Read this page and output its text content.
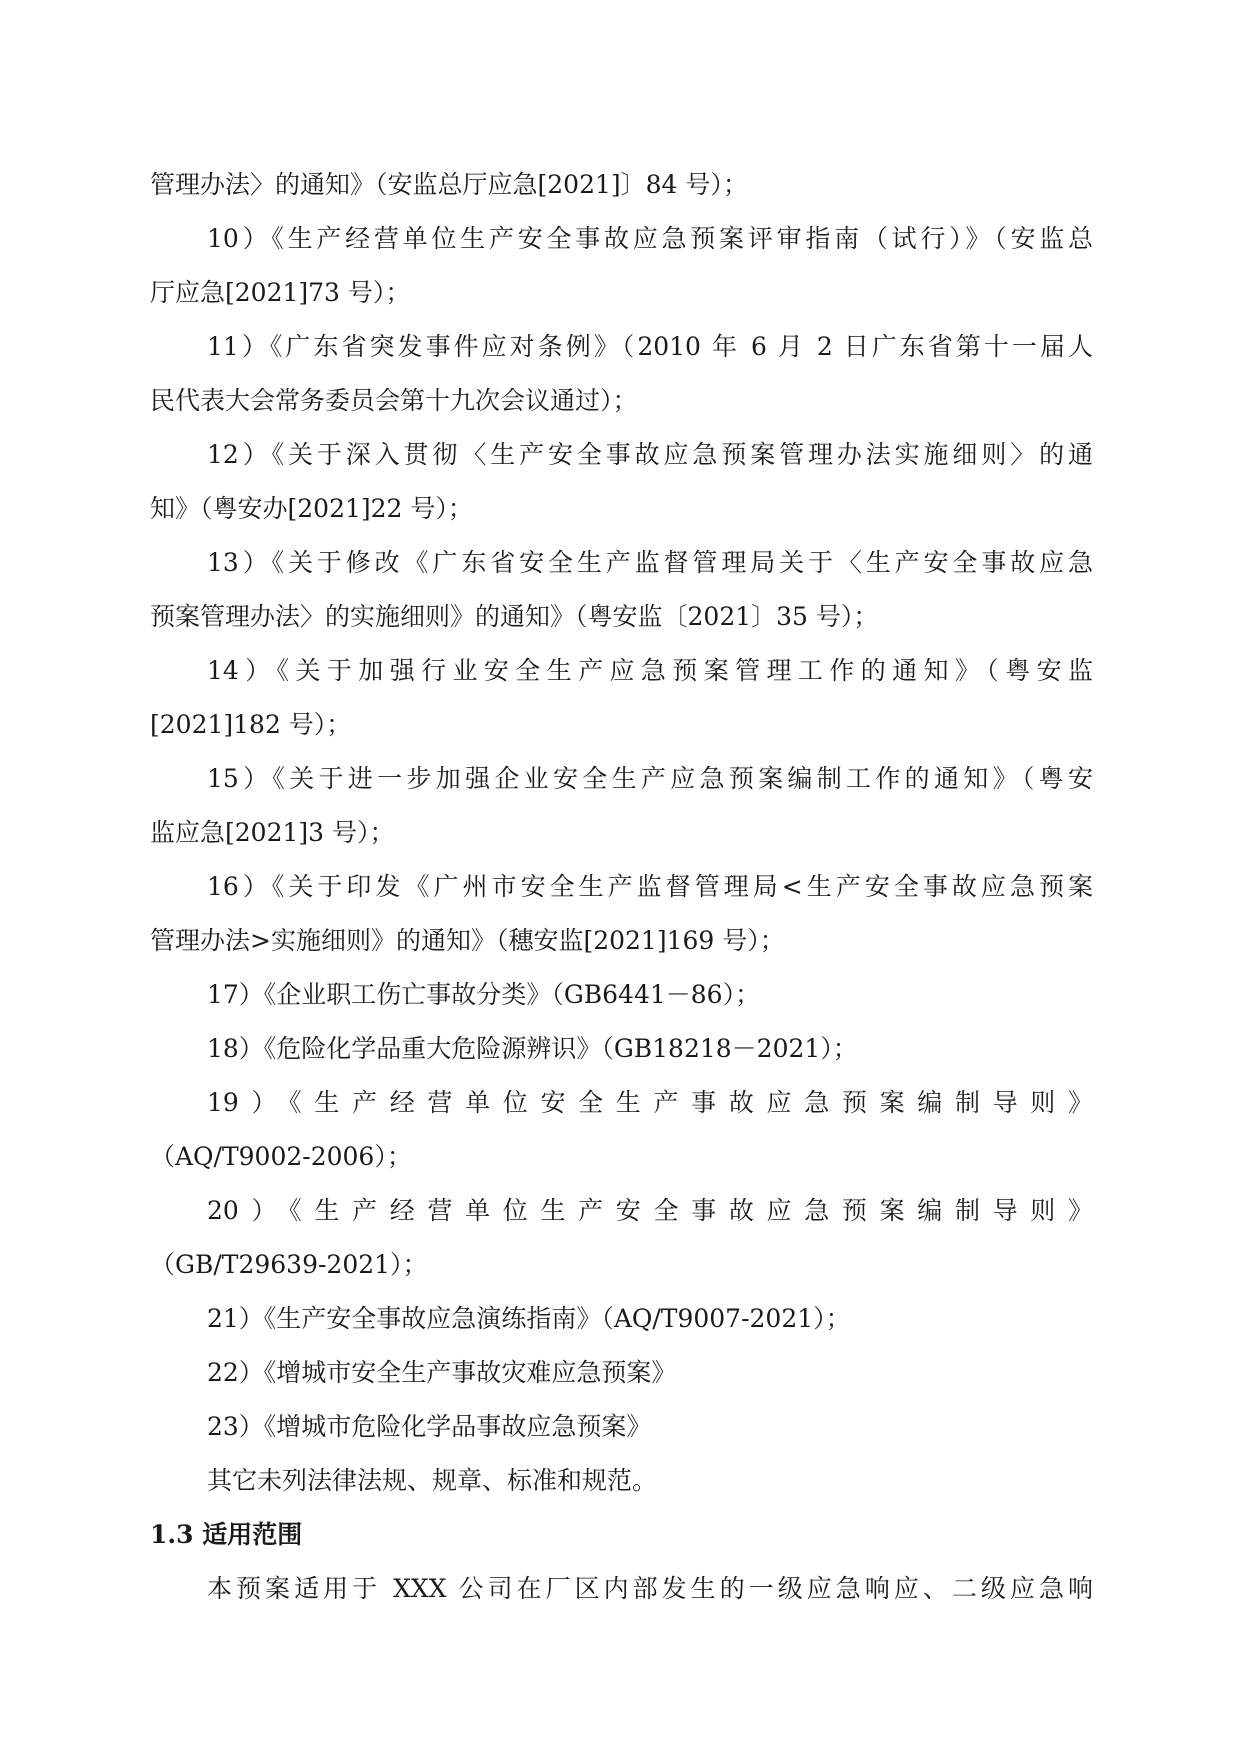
管理办法〉的通知》（安监总厅应急[2021]〕84 号）；
10）《生产经营单位生产安全事故应急预案评审指南（试行）》（安监总
厅应急[2021]73 号）；
11）《广东省突发事件应对条例》（2010 年 6 月 2 日广东省第十一届人
民代表大会常务委员会第十九次会议通过）；
12）《关于深入贯彻〈生产安全事故应急预案管理办法实施细则〉的通
知》（粤安办[2021]22 号）；
13）《关于修改《广东省安全生产监督管理局关于〈生产安全事故应急
预案管理办法〉的实施细则》的通知》（粤安监〔2021〕35 号）；
14）《关于加强行业安全生产应急预案管理工作的通知》（粤安监
[2021]182 号）；
15）《关于进一步加强企业安全生产应急预案编制工作的通知》（粤安
监应急[2021]3 号）；
16）《关于印发《广州市安全生产监督管理局<生产安全事故应急预案
管理办法>实施细则》的通知》（穗安监[2021]169 号）；
17）《企业职工伤亡事故分类》（GB6441－86）；
18）《危险化学品重大危险源辨识》（GB18218－2021）；
19）《生产经营单位安全生产事故应急预案编制导则》
（AQ/T9002-2006）；
20）《生产经营单位生产安全事故应急预案编制导则》
（GB/T29639-2021）；
21）《生产安全事故应急演练指南》（AQ/T9007-2021）；
22）《增城市安全生产事故灾难应急预案》
23）《增城市危险化学品事故应急预案》
其它未列法律法规、规章、标准和规范。
1.3 适用范围
本预案适用于 XXX 公司在厂区内部发生的一级应急响应、二级应急响
